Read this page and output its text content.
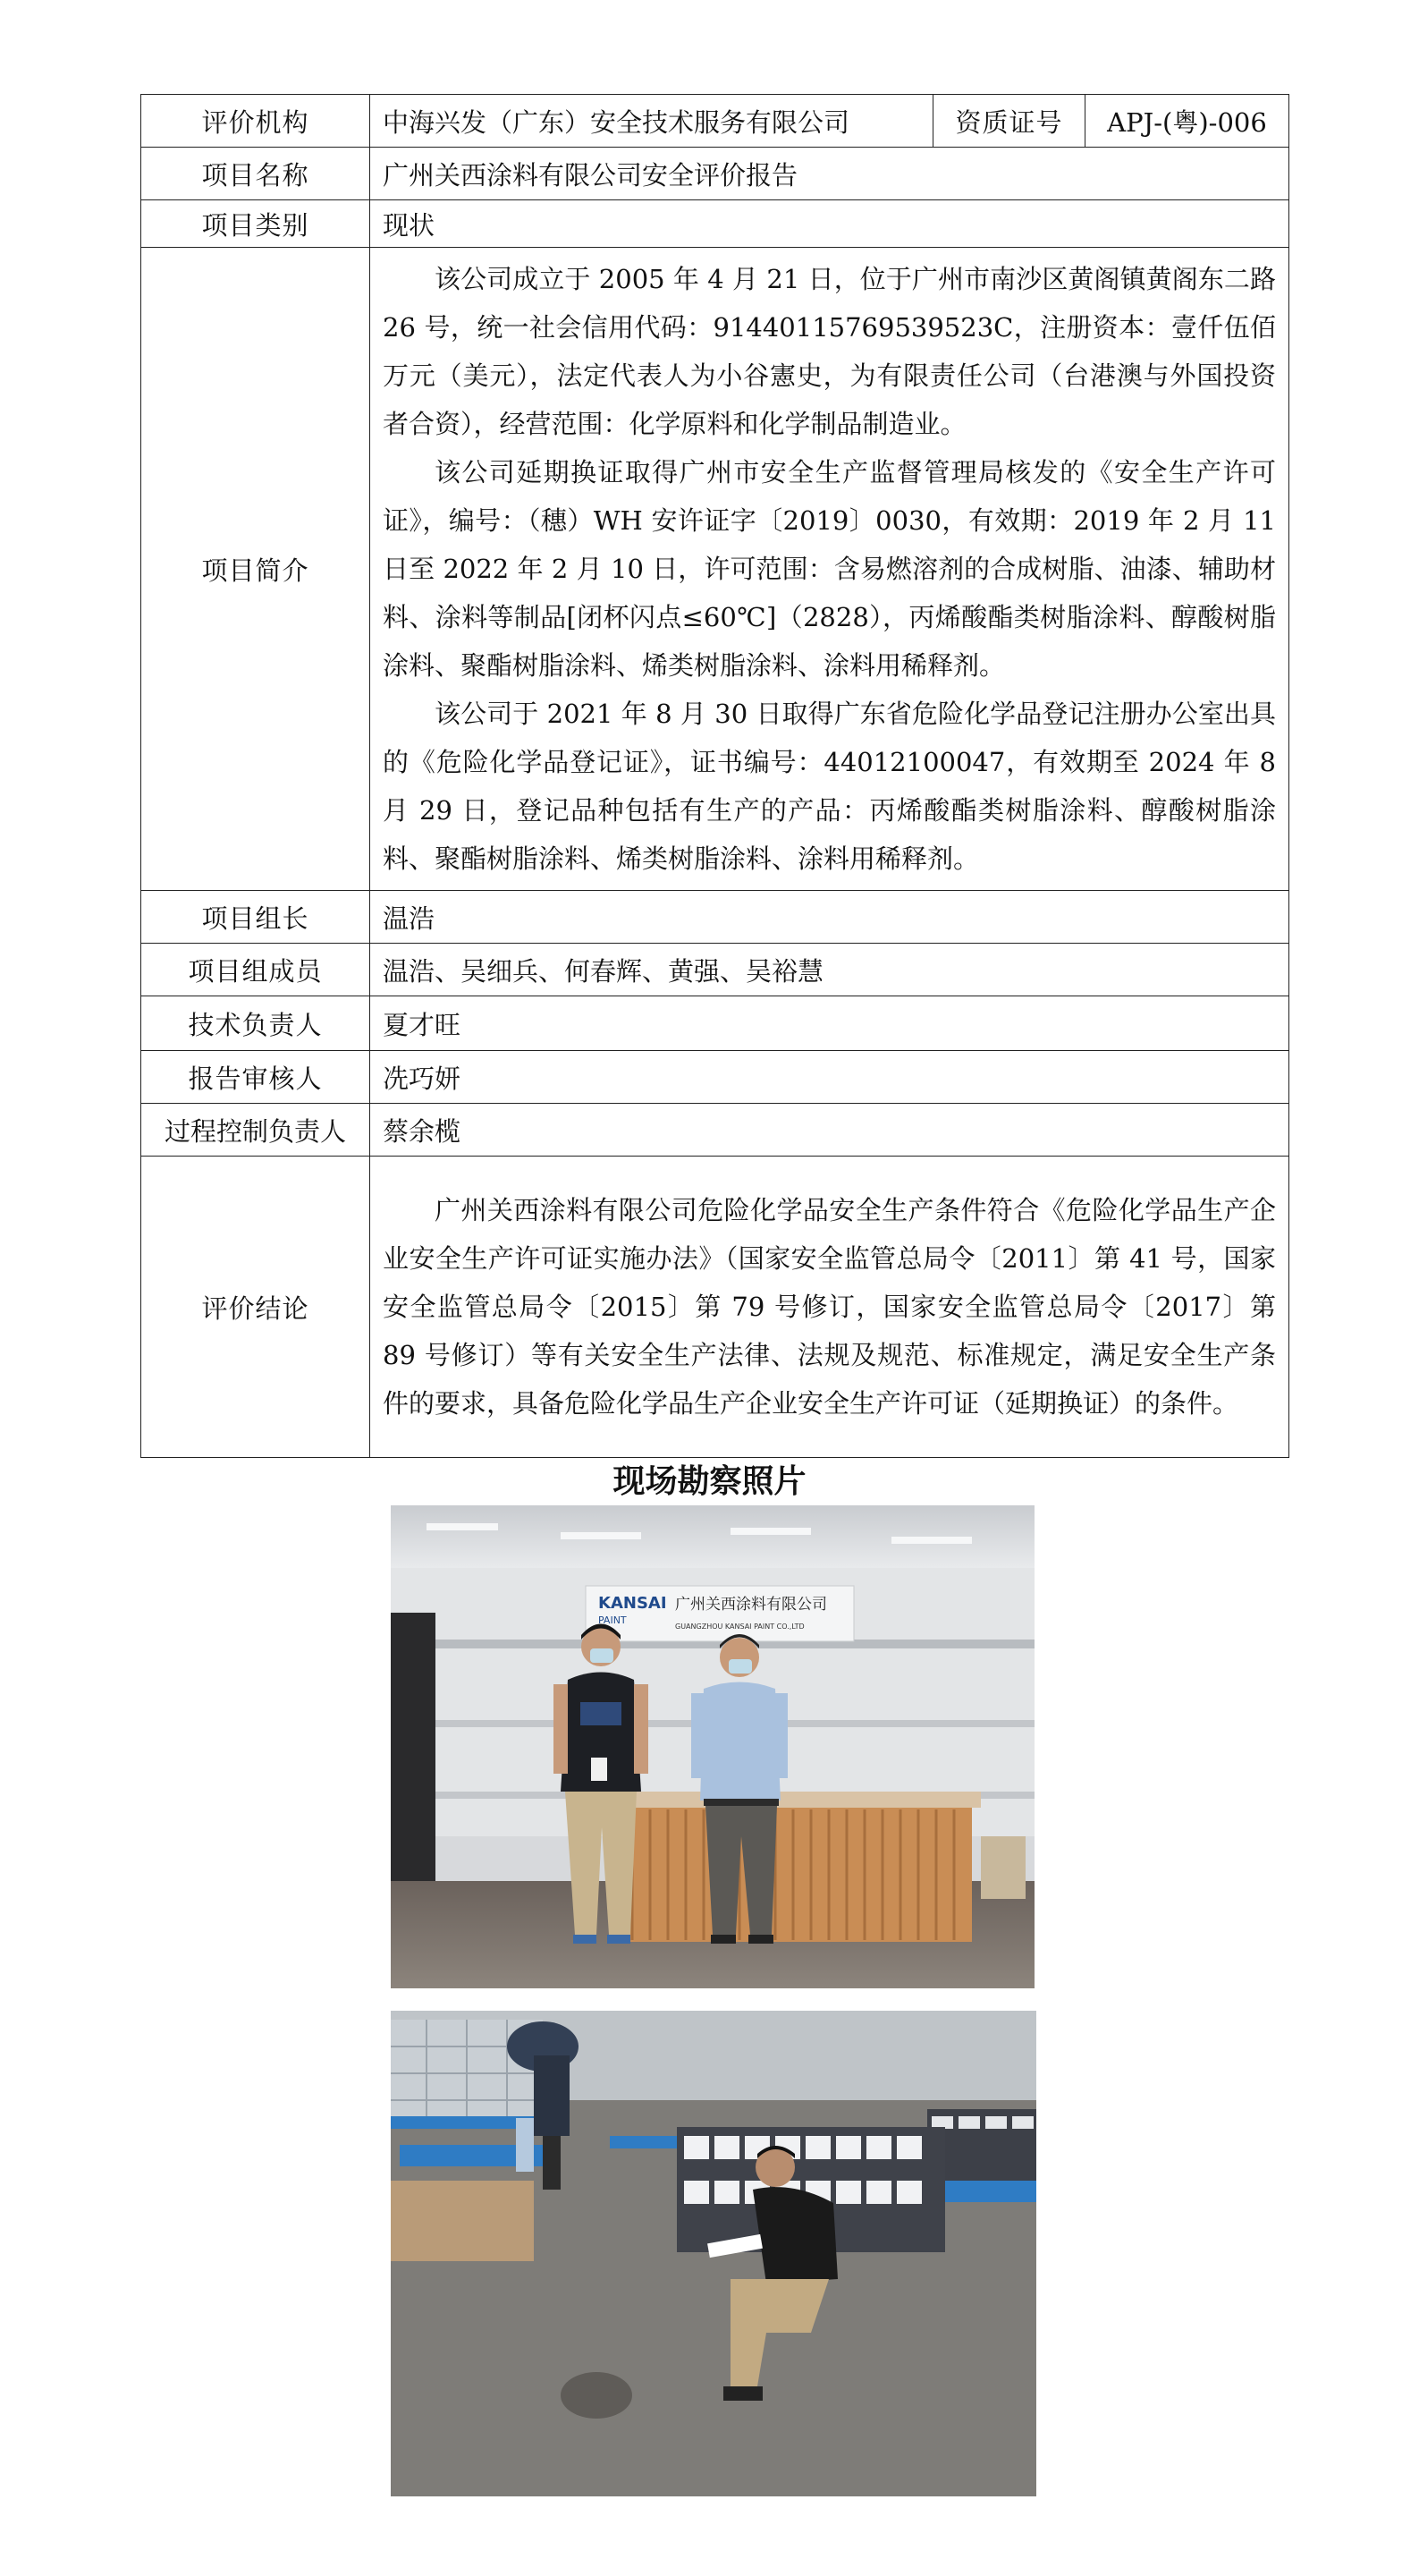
评价机构	中海兴发（广东）安全技术服务有限公司	资质证号	APJ-(粤)-006
项目名称	广州关西涂料有限公司安全评价报告		
项目类别	现状		
项目简介	该公司成立于 2005 年 4 月 21 日，位于广州市南沙区黄阁镇黄阁东二路 26 号，统一社会信用代码：91440115769539523C，注册资本：壹仟伍佰万元（美元），法定代表人为小谷憲史，为有限责任公司（台港澳与外国投资者合资），经营范围：化学原料和化学制品制造业。

该公司延期换证取得广州市安全生产监督管理局核发的《安全生产许可证》，编号：（穗）WH 安许证字〔2019〕0030，有效期：2019 年 2 月 11 日至 2022 年 2 月 10 日，许可范围：含易燃溶剂的合成树脂、油漆、辅助材料、涂料等制品[闭杯闪点≤60℃]（2828），丙烯酸酯类树脂涂料、醇酸树脂涂料、聚酯树脂涂料、烯类树脂涂料、涂料用稀释剂。

该公司于 2021 年 8 月 30 日取得广东省危险化学品登记注册办公室出具的《危险化学品登记证》，证书编号：44012100047，有效期至 2024 年 8 月 29 日，登记品种包括有生产的产品：丙烯酸酯类树脂涂料、醇酸树脂涂料、聚酯树脂涂料、烯类树脂涂料、涂料用稀释剂。		

项目组长	温浩		
项目组成员	温浩、吴细兵、何春辉、黄强、吴裕慧		
技术负责人	夏才旺		
报告审核人	冼巧妍		
过程控制负责人	蔡余榄		
评价结论	广州关西涂料有限公司危险化学品安全生产条件符合《危险化学品生产企业安全生产许可证实施办法》（国家安全监管总局令〔2011〕第 41 号，国家安全监管总局令〔2015〕第 79 号修订，国家安全监管总局令〔2017〕第 89 号修订）等有关安全生产法律、法规及规范、标准规定，满足安全生产条件的要求，具备危险化学品生产企业安全生产许可证（延期换证）的条件。		

现场勘察照片
KANSAI
PAINT
广州关西涂料有限公司
GUANGZHOU KANSAI PAINT CO.,LTD
